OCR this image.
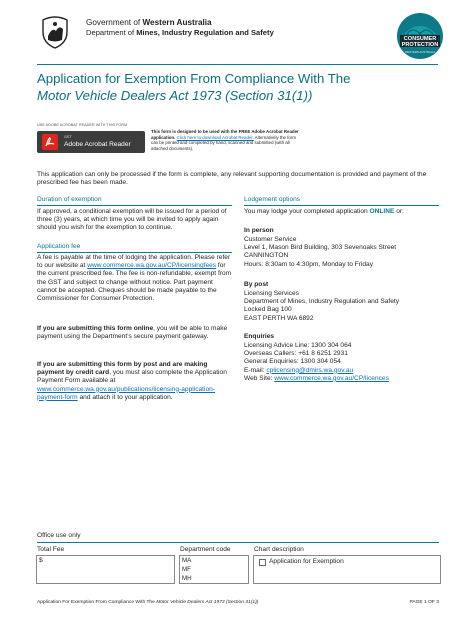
Government of Western Australia
Department of Mines, Industry Regulation and Safety
CONSUMER
PROTECTION
WESTERN AUSTRALIA
Application for Exemption From Compliance With The
Motor Vehicle Dealers Act 1973 (Section 31(1))
USE ADOBE ACROBAT READER WITH THIS FORM
GET
Adobe Acrobat Reader
This form is designed to be used with the FREE Adobe Acrobat Reader application. Click here to download Acrobat Reader. Alternatively the form can be printed and completed by hand, scanned and submitted (with all attached documents).
This application can only be processed if the form is complete, any relevant supporting documentation is provided and payment of the prescribed fee has been made.
Duration of exemption
If approved, a conditional exemption will be issued for a period of three (3) years, at which time you will be invited to apply again should you wish for the exemption to continue.
Application fee
A fee is payable at the time of lodging the application. Please refer to our website at www.commerce.wa.gov.au/CP/licensingfees for the current prescribed fee. The fee is non-refundable, exempt from the GST and subject to change without notice. Part payment cannot be accepted. Cheques should be made payable to the Commissioner for Consumer Protection.
If you are submitting this form online, you will be able to make payment using the Department’s secure payment gateway.
If you are submitting this form by post and are making payment by credit card, you must also complete the Application Payment Form available at www.commerce.wa.gov.au/publications/licensing-application-payment-form and attach it to your application.
Lodgement options
You may lodge your completed application ONLINE or:
In person
Customer Service
Level 1, Mason Bird Building, 303 Sevenoaks Street
CANNINGTON
Hours: 8:30am to 4:30pm, Monday to Friday
By post
Licensing Services
Department of Mines, Industry Regulation and Safety
Locked Bag 100
EAST PERTH WA 6892
Enquiries
Licensing Advice Line: 1300 304 064
Overseas Callers: +61 8 6251 2931
General Enquiries: 1300 304 054
E-mail: cplicensing@dmirs.wa.gov.au
Web Site: www.commerce.wa.gov.au/CP/licences
Office use only
Total Fee
$
Department code
MA
MF
MH
Chart description
Application for Exemption
Application For Exemption From Compliance With The Motor Vehicle Dealers Act 1973 (Section 31(1))	PAGE 1 OF 3
